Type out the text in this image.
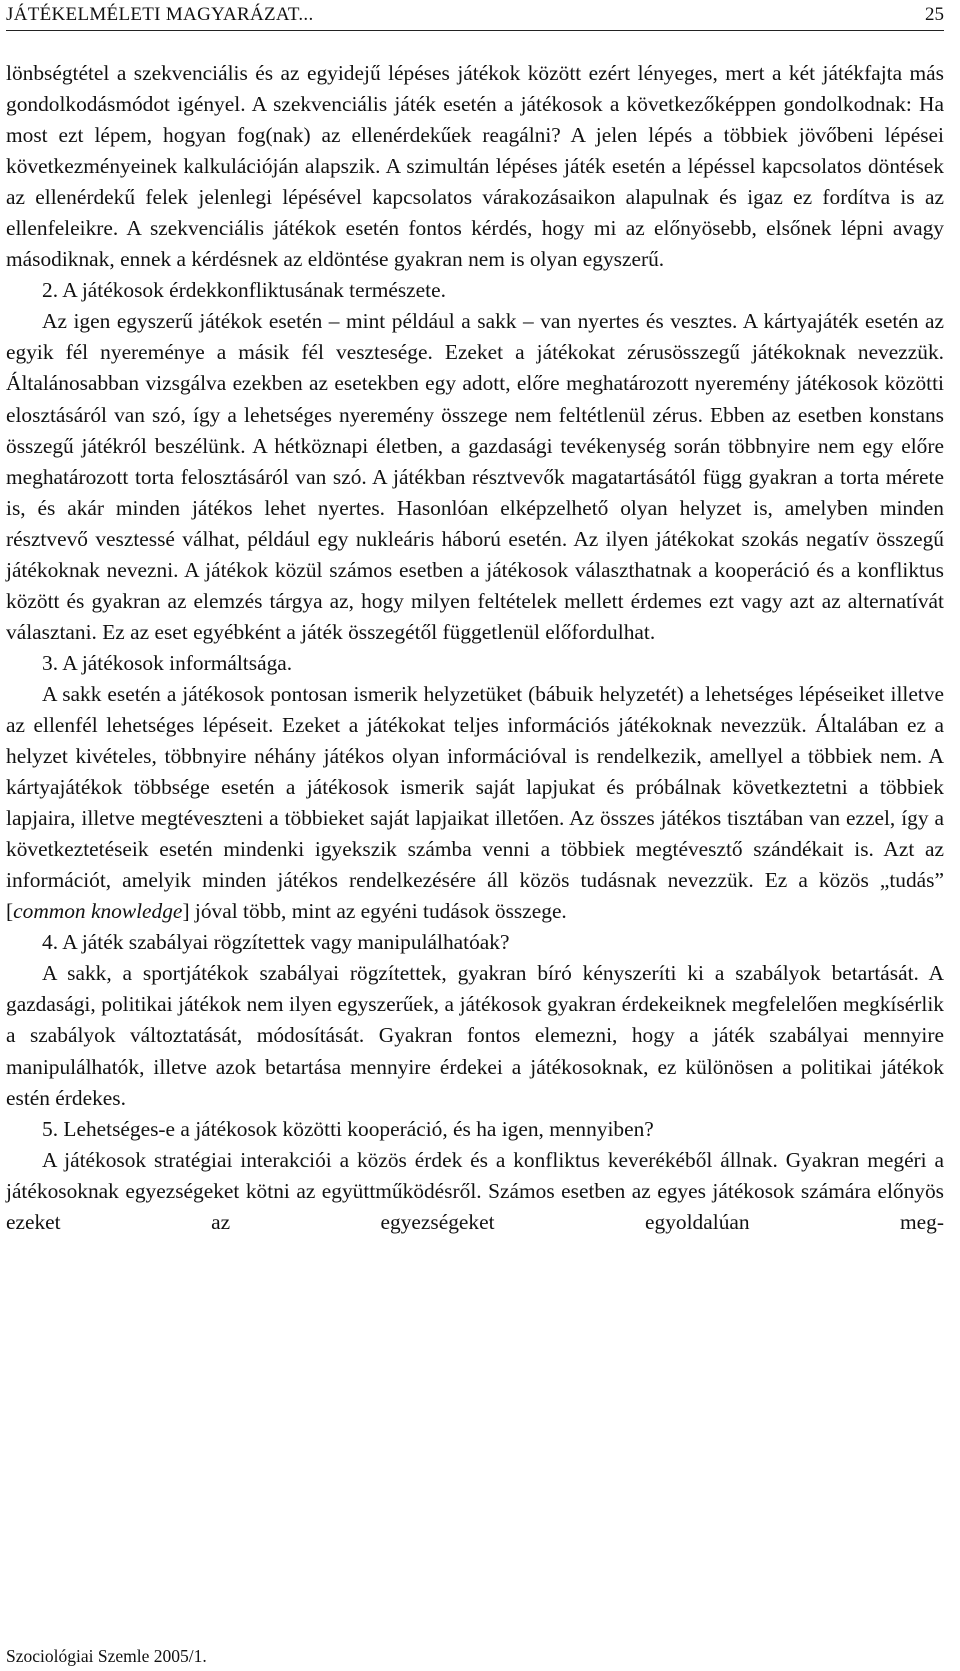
JÁTÉKELMÉLETI MAGYARÁZAT...	25

lönbségtétel a szekvenciális és az egyidejű lépéses játékok között ezért lényeges, mert a két játékfajta más gondolkodásmódot igényel. A szekvenciális játék esetén a játékosok a következőképpen gondolkodnak: Ha most ezt lépem, hogyan fog(nak) az ellenérdekűek reagálni? A jelen lépés a többiek jövőbeni lépései következményeinek kalkulációján alapszik. A szimultán lépéses játék esetén a lépéssel kapcsolatos döntések az ellenérdekű felek jelenlegi lépésével kapcsolatos várakozásaikon alapulnak és igaz ez fordítva is az ellenfeleikre. A szekvenciális játékok esetén fontos kérdés, hogy mi az előnyösebb, elsőnek lépni avagy másodiknak, ennek a kérdésnek az eldöntése gyakran nem is olyan egyszerű.

2. A játékosok érdekkonfliktusának természete.

Az igen egyszerű játékok esetén – mint például a sakk – van nyertes és vesztes. A kártyajáték esetén az egyik fél nyereménye a másik fél vesztesége. Ezeket a játékokat zérusösszegű játékoknak nevezzük. Általánosabban vizsgálva ezekben az esetekben egy adott, előre meghatározott nyeremény játékosok közötti elosztásáról van szó, így a lehetséges nyeremény összege nem feltétlenül zérus. Ebben az esetben konstans összegű játékról beszélünk. A hétköznapi életben, a gazdasági tevékenység során többnyire nem egy előre meghatározott torta felosztásáról van szó. A játékban résztvevők magatartásától függ gyakran a torta mérete is, és akár minden játékos lehet nyertes. Hasonlóan elképzelhető olyan helyzet is, amelyben minden résztvevő vesztessé válhat, például egy nukleáris háború esetén. Az ilyen játékokat szokás negatív összegű játékoknak nevezni. A játékok közül számos esetben a játékosok választhatnak a kooperáció és a konfliktus között és gyakran az elemzés tárgya az, hogy milyen feltételek mellett érdemes ezt vagy azt az alternatívát választani. Ez az eset egyébként a játék összegétől függetlenül előfordulhat.

3. A játékosok informáltsága.

A sakk esetén a játékosok pontosan ismerik helyzetüket (bábuik helyzetét) a lehetséges lépéseiket illetve az ellenfél lehetséges lépéseit. Ezeket a játékokat teljes információs játékoknak nevezzük. Általában ez a helyzet kivételes, többnyire néhány játékos olyan információval is rendelkezik, amellyel a többiek nem. A kártyajátékok többsége esetén a játékosok ismerik saját lapjukat és próbálnak következtetni a többiek lapjaira, illetve megtéveszteni a többieket saját lapjaikat illetően. Az összes játékos tisztában van ezzel, így a következtetéseik esetén mindenki igyekszik számba venni a többiek megtévesztő szándékait is. Azt az információt, amelyik minden játékos rendelkezésére áll közös tudásnak nevezzük. Ez a közös „tudás” [common knowledge] jóval több, mint az egyéni tudások összege.

4. A játék szabályai rögzítettek vagy manipulálhatóak?

A sakk, a sportjátékok szabályai rögzítettek, gyakran bíró kényszeríti ki a szabályok betartását. A gazdasági, politikai játékok nem ilyen egyszerűek, a játékosok gyakran érdekeiknek megfelelően megkísérlik a szabályok változtatását, módosítását. Gyakran fontos elemezni, hogy a játék szabályai mennyire manipulálhatók, illetve azok betartása mennyire érdekei a játékosoknak, ez különösen a politikai játékok estén érdekes.

5. Lehetséges-e a játékosok közötti kooperáció, és ha igen, mennyiben?

A játékosok stratégiai interakciói a közös érdek és a konfliktus keverékéből állnak. Gyakran megéri a játékosoknak egyezségeket kötni az együttműködésről. Számos esetben az egyes játékosok számára előnyös ezeket az egyezségeket egyoldalúan meg-

Szociológiai Szemle 2005/1.
